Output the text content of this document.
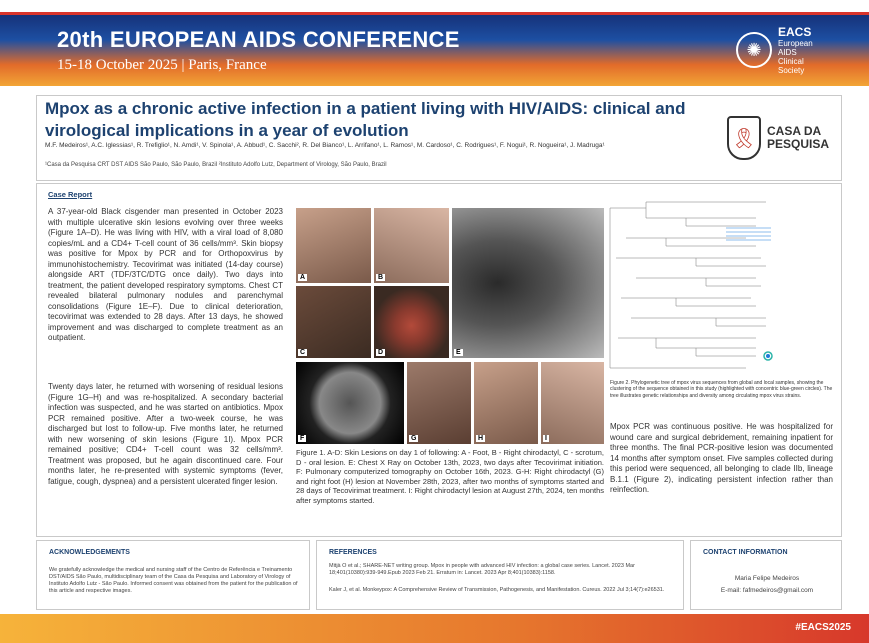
20th EUROPEAN AIDS CONFERENCE
15-18 October 2025 | Paris, France
✺
EACS
European
AIDS
Clinical
Society
Mpox as a chronic active infection in a patient living with HIV/AIDS: clinical and virological implications in a year of evolution
M.F. Medeiros¹, A.C. Iglessias¹, R. Trefiglio¹, N. Amdi¹, V. Spinola¹, A. Abbud¹, C. Sacchi², R. Del Bianco¹, L. Arrifano¹, L. Ramos¹, M. Cardoso¹, C. Rodrigues¹, F. Nogui¹, R. Nogueira¹, J. Madruga¹
¹Casa da Pesquisa CRT DST AIDS São Paulo, São Paulo, Brazil ²Instituto Adolfo Lutz, Department of Virology, São Paulo, Brazil
🎗 CASA DA
PESQUISA
Case Report
A 37-year-old Black cisgender man presented in October 2023 with multiple ulcerative skin lesions evolving over three weeks (Figure 1A–D). He was living with HIV, with a viral load of 8,080 copies/mL and a CD4+ T-cell count of 36 cells/mm³. Skin biopsy was positive for Mpox by PCR and for Orthopoxvirus by immunohistochemistry. Tecovirimat was initiated (14-day course) alongside ART (TDF/3TC/DTG once daily). Two days into treatment, the patient developed respiratory symptoms. Chest CT revealed bilateral pulmonary nodules and parenchymal consolidations (Figure 1E–F). Due to clinical deterioration, tecovirimat was extended to 28 days. After 13 days, he showed improvement and was discharged to complete treatment as an outpatient.
Twenty days later, he returned with worsening of residual lesions (Figure 1G–H) and was re-hospitalized. A secondary bacterial infection was suspected, and he was started on antibiotics. Mpox PCR remained positive. After a two-week course, he was discharged but lost to follow-up. Five months later, he returned with new worsening of skin lesions (Figure 1I). Mpox PCR remained positive; CD4+ T-cell count was 32 cells/mm³. Treatment was proposed, but he again discontinued care. Four months later, he re-presented with systemic symptoms (fever, fatigue, cough, dyspnea) and a persistent ulcerated finger lesion.
Mpox PCR was continuous positive. He was hospitalized for wound care and surgical debridement, remaining inpatient for three months. The final PCR-positive lesion was documented 14 months after symptom onset. Five samples collected during this period were sequenced, all belonging to clade IIb, lineage B.1.1 (Figure 2), indicating persistent infection rather than reinfection.
A	B
C	D	E
F	G	H	I
Figure 1. A-D: Skin Lesions on day 1 of following: A - Foot, B - Right chirodactyl, C - scrotum, D - oral lesion. E: Chest X Ray on October 13th, 2023, two days after Tecovirimat initiation. F: Pulmonary computerized tomography on October 16th, 2023. G-H: Right chirodactyl (G) and right foot (H) lesion at November 28th, 2023, after two months of symptoms started and 28 days of Tecovirimat treatment. I: Right chirodactyl lesion at August 27th, 2024, ten months after symptoms started.
Figure 2. Phylogenetic tree of mpox virus sequences from global and local samples, showing the clustering of the sequence obtained in this study (highlighted with concentric blue-green circles). The tree illustrates genetic relationships and diversity among circulating mpox virus strains.
ACKNOWLEDGEMENTS
We gratefully acknowledge the medical and nursing staff of the Centro de Referência e Treinamento DST/AIDS São Paulo, multidisciplinary team of the Casa da Pesquisa and Laboratory of Virology of Instituto Adolfo Lutz - São Paulo. Informed consent was obtained from the patient for the publication of this article and respective images.
REFERENCES
Mitjà O et al.; SHARE-NET writing group. Mpox in people with advanced HIV infection: a global case series. Lancet. 2023 Mar 18;401(10380):939-949.Epub 2023 Feb 21. Erratum in: Lancet. 2023 Apr 8;401(10383):1158.
Kaler J, et al. Monkeypox: A Comprehensive Review of Transmission, Pathogenesis, and Manifestation. Cureus. 2022 Jul 3;14(7):e26531.
CONTACT INFORMATION
Maria Felipe Medeiros
E-mail: fafmedeiros@gmail.com
#EACS2025
